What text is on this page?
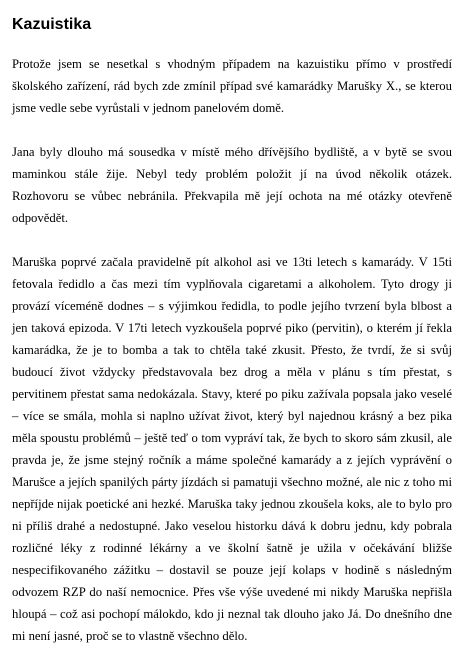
Kazuistika

Protože jsem se nesetkal s vhodným případem na kazuistiku přímo v prostředí školského zařízení, rád bych zde zmínil případ své kamarádky Marušky X., se kterou jsme vedle sebe vyrůstali v jednom panelovém domě.

Jana byly dlouho má sousedka v místě mého dřívějšího bydliště, a v bytě se svou maminkou stále žije. Nebyl tedy problém položit jí na úvod několik otázek. Rozhovoru se vůbec nebránila. Překvapila mě její ochota na mé otázky otevřeně odpovědět.

Maruška poprvé začala pravidelně pít alkohol asi ve 13ti letech s kamarády. V 15ti fetovala ředidlo a čas mezi tím vyplňovala cigaretami a alkoholem. Tyto drogy ji provází víceméně dodnes – s výjimkou ředidla, to podle jejího tvrzení byla blbost a jen taková epizoda. V 17ti letech vyzkoušela poprvé piko (pervitin), o kterém jí řekla kamarádka, že je to bomba a tak to chtěla také zkusit. Přesto, že tvrdí, že si svůj budoucí život vždycky představovala bez drog a měla v plánu s tím přestat, s pervitinem přestat sama nedokázala. Stavy, které po piku zažívala popsala jako veselé – více se smála, mohla si naplno užívat život, který byl najednou krásný a bez pika měla spoustu problémů – ještě teď o tom vypráví tak, že bych to skoro sám zkusil, ale pravda je, že jsme stejný ročník a máme společné kamarády a z jejích vyprávění o Marušce a jejích spanilých párty jízdách si pamatuji všechno možné, ale nic z toho mi nepříjde nijak poetické ani hezké. Maruška taky jednou zkoušela koks, ale to bylo pro ni příliš drahé a nedostupné. Jako veselou historku dává k dobru jednu, kdy pobrala rozličné léky z rodinné lékárny a ve školní šatně je užila v očekávání bližše nespecifikovaného zážitku – dostavil se pouze její kolaps v hodině s následným odvozem RZP do naší nemocnice. Přes vše výše uvedené mi nikdy Maruška nepřišla hloupá – což asi pochopí málokdo, kdo ji neznal tak dlouho jako Já. Do dnešního dne mi není jasné, proč se to vlastně všechno dělo.
